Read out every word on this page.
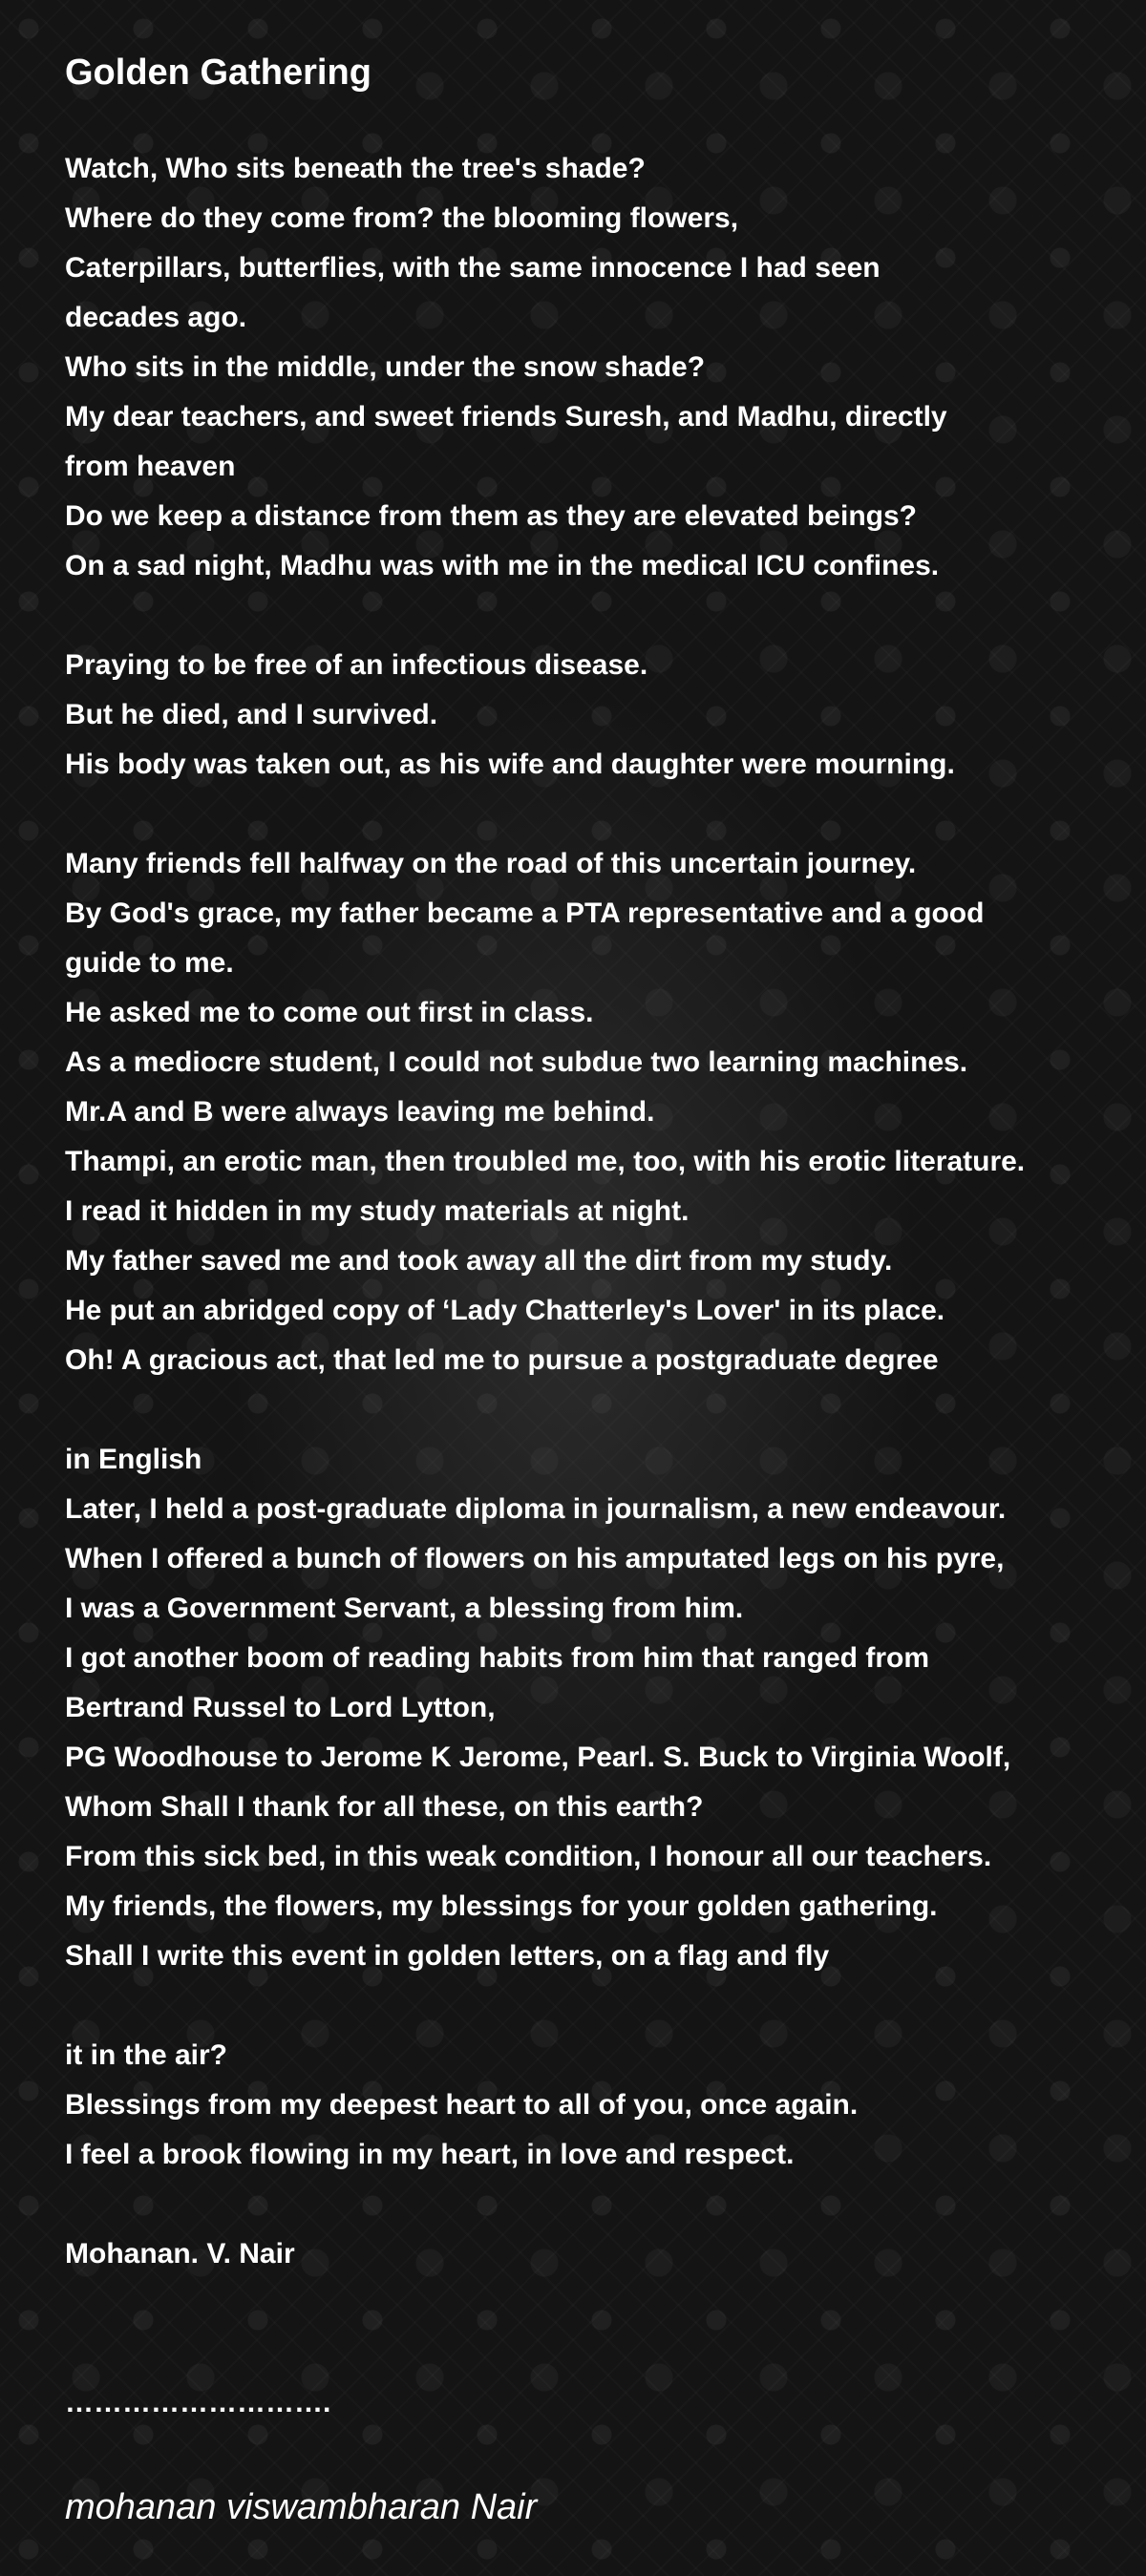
Golden Gathering
Watch, Who sits beneath the tree's shade?
Where do they come from? the blooming flowers,
Caterpillars, butterflies, with the same innocence I had seen
decades ago.
Who sits in the middle, under the snow shade?
My dear teachers, and sweet friends Suresh, and Madhu, directly
from heaven
Do we keep a distance from them as they are elevated beings?
On a sad night, Madhu was with me in the medical ICU confines.
Praying to be free of an infectious disease.
But he died, and I survived.
His body was taken out, as his wife and daughter were mourning.
Many friends fell halfway on the road of this uncertain journey.
By God's grace, my father became a PTA representative and a good
guide to me.
He asked me to come out first in class.
As a mediocre student, I could not subdue two learning machines.
Mr.A and B were always leaving me behind.
Thampi, an erotic man, then troubled me, too, with his erotic literature.
I read it hidden in my study materials at night.
My father saved me and took away all the dirt from my study.
He put an abridged copy of ‘Lady Chatterley's Lover' in its place.
Oh! A gracious act, that led me to pursue a postgraduate degree
in English
Later, I held a post-graduate diploma in journalism, a new endeavour.
When I offered a bunch of flowers on his amputated legs on his pyre,
I was a Government Servant, a blessing from him.
I got another boom of reading habits from him that ranged from
Bertrand Russel to Lord Lytton,
PG Woodhouse to Jerome K Jerome, Pearl. S. Buck to Virginia Woolf,
Whom Shall I thank for all these, on this earth?
From this sick bed, in this weak condition, I honour all our teachers.
My friends, the flowers, my blessings for your golden gathering.
Shall I write this event in golden letters, on a flag and fly
it in the air?
Blessings from my deepest heart to all of you, once again.
I feel a brook flowing in my heart, in love and respect.
Mohanan. V. Nair
……………………….

mohanan viswambharan Nair
